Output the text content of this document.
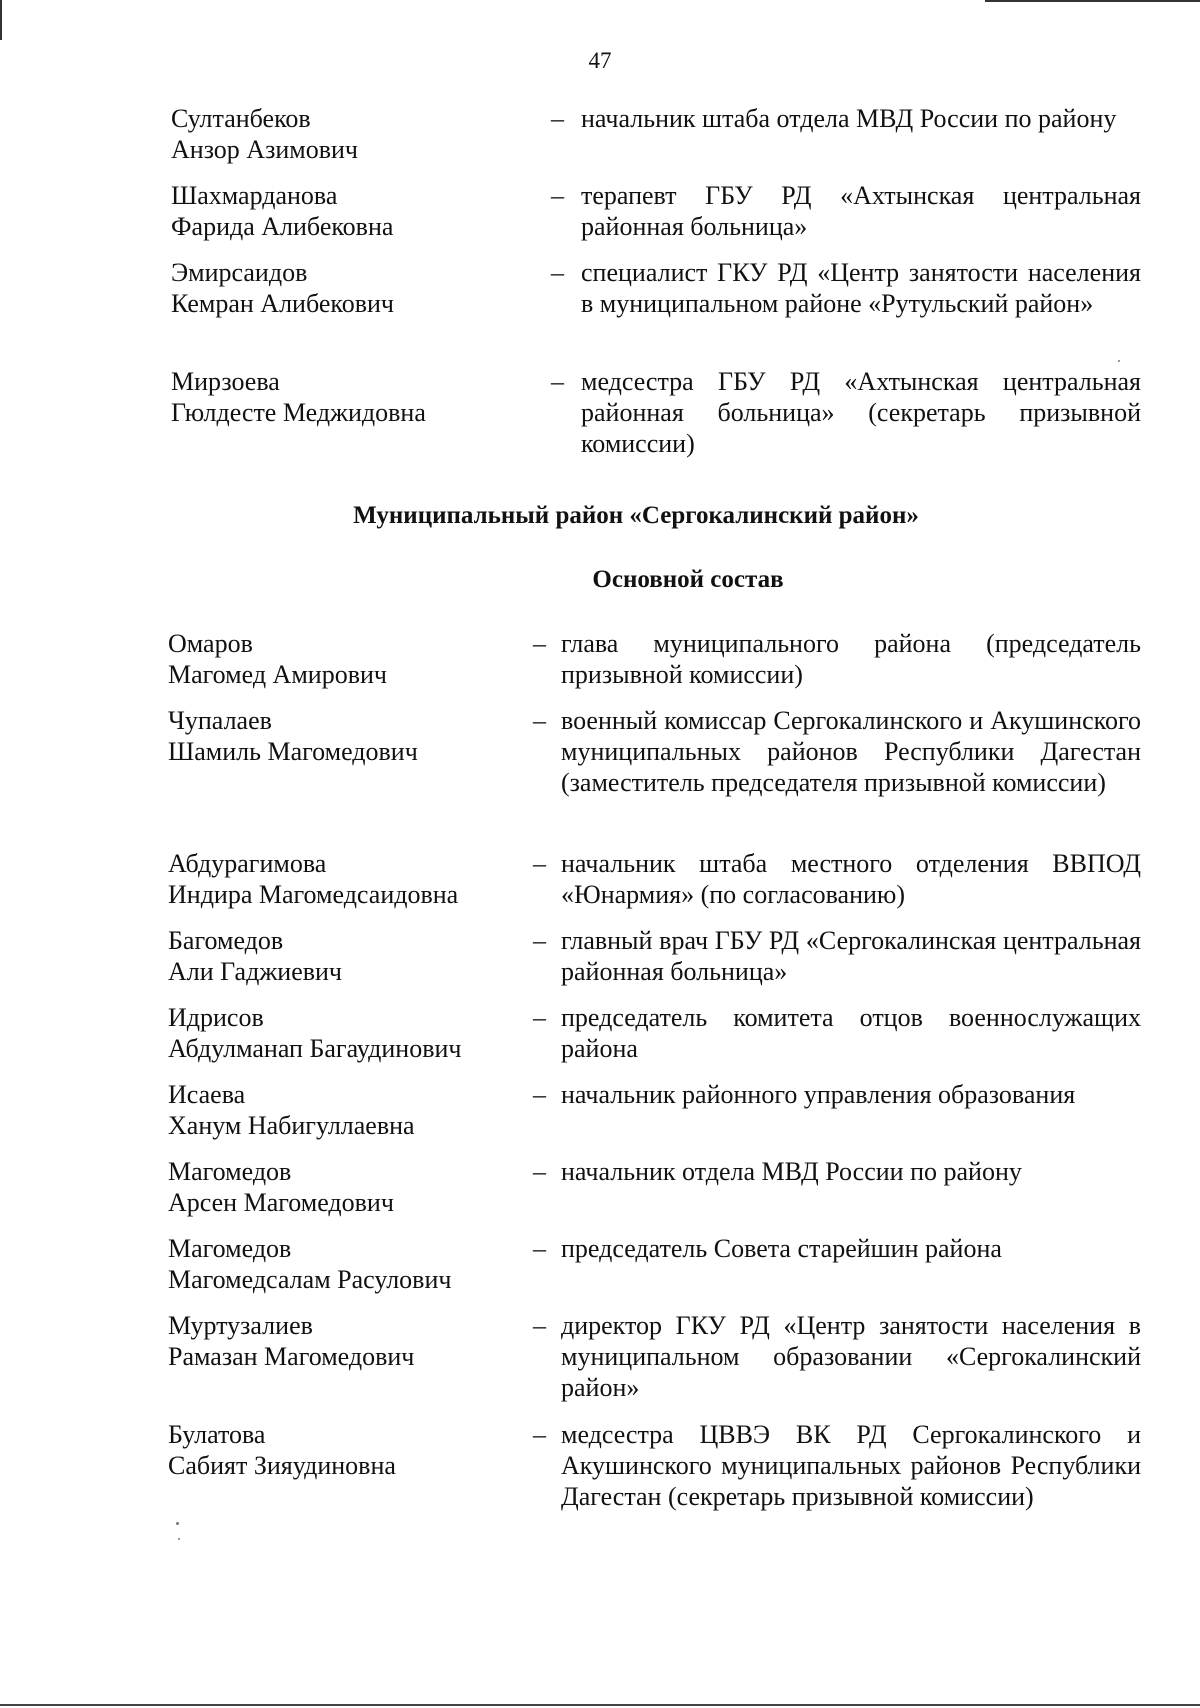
47
Султанбеков
Анзор Азимович
– начальник штаба отдела МВД России по району
Шахмарданова
Фарида Алибековна
– терапевт ГБУ РД «Ахтынская центральная районная больница»
Эмирсаидов
Кемран Алибекович
– специалист ГКУ РД «Центр занятости населения в муниципальном районе «Рутульский район»
Мирзоева
Гюлдесте Меджидовна
– медсестра ГБУ РД «Ахтынская центральная районная больница» (секретарь призывной комиссии)
Муниципальный район «Сергокалинский район»
Основной состав
Омаров
Магомед Амирович
– глава муниципального района (председатель призывной комиссии)
Чупалаев
Шамиль Магомедович
– военный комиссар Сергокалинского и Акушинского муниципальных районов Республики Дагестан (заместитель председателя призывной комиссии)
Абдурагимова
Индира Магомедсаидовна
– начальник штаба местного отделения ВВПОД «Юнармия» (по согласованию)
Багомедов
Али Гаджиевич
– главный врач ГБУ РД «Сергокалинская центральная районная больница»
Идрисов
Абдулманап Багаудинович
– председатель комитета отцов военнослужащих района
Исаева
Ханум Набигуллаевна
– начальник районного управления образования
Магомедов
Арсен Магомедович
– начальник отдела МВД России по району
Магомедов
Магомедсалам Расулович
– председатель Совета старейшин района
Муртузалиев
Рамазан Магомедович
– директор ГКУ РД «Центр занятости населения в муниципальном образовании «Сергокалинский район»
Булатова
Сабият Зияудиновна
– медсестра ЦВВЭ ВК РД Сергокалинского и Акушинского муниципальных районов Республики Дагестан (секретарь призывной комиссии)
